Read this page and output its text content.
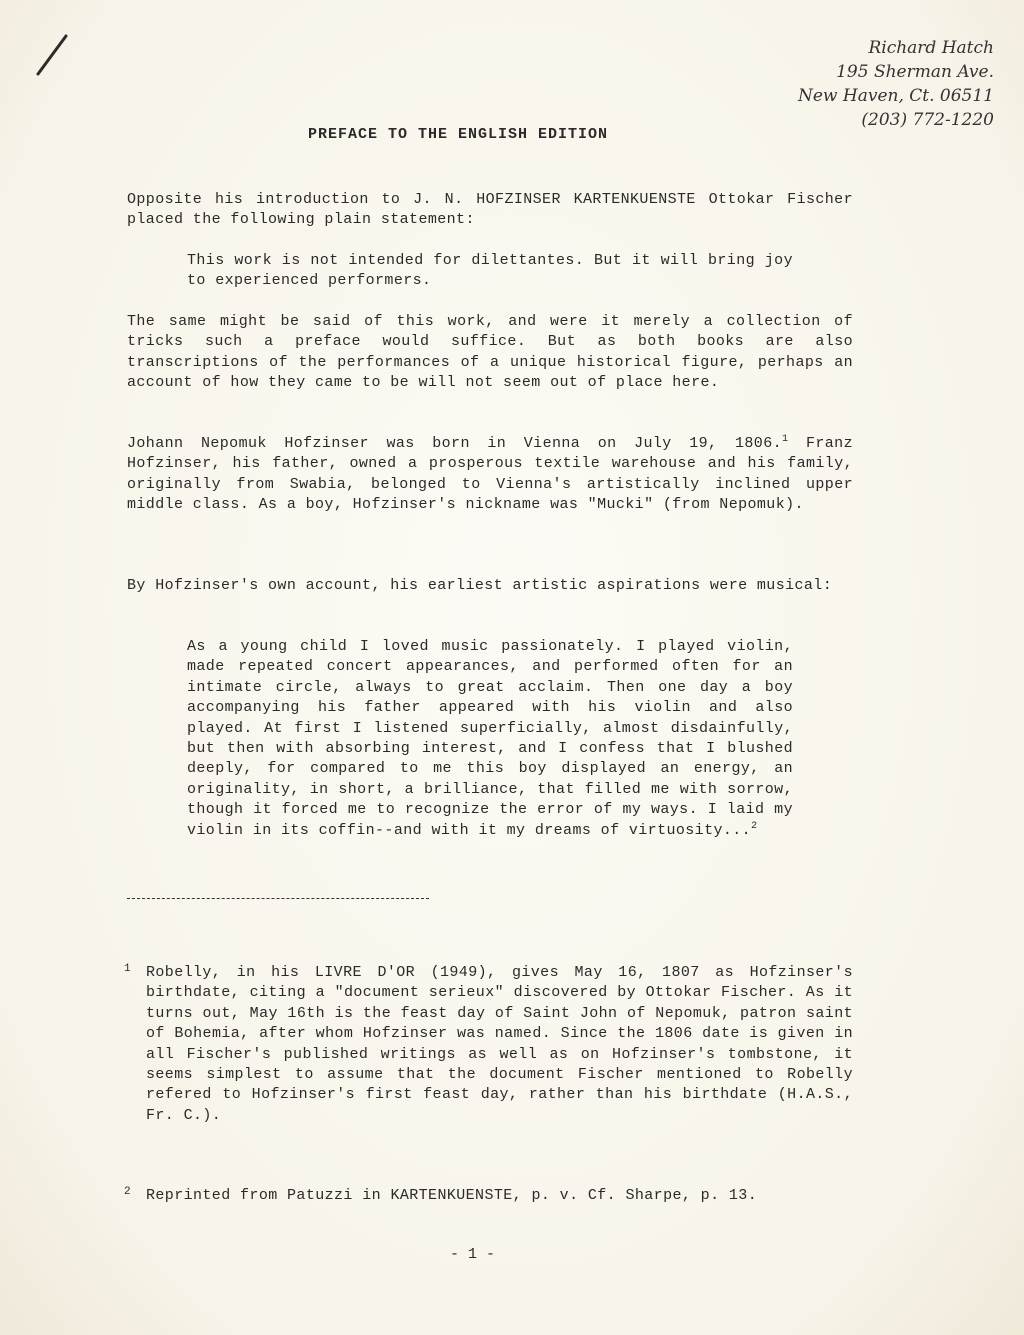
Richard Hatch
195 Sherman Ave.
New Haven, Ct. 06511
(203) 772-1220
PREFACE TO THE ENGLISH EDITION

Opposite his introduction to J. N. HOFZINSER KARTENKUENSTE Ottokar Fischer placed the following plain statement:

This work is not intended for dilettantes. But it will bring joy to experienced performers.

The same might be said of this work, and were it merely a collection of tricks such a preface would suffice. But as both books are also transcriptions of the performances of a unique historical figure, perhaps an account of how they came to be will not seem out of place here.

Johann Nepomuk Hofzinser was born in Vienna on July 19, 1806.$^1$ Franz Hofzinser, his father, owned a prosperous textile warehouse and his family, originally from Swabia, belonged to Vienna's artistically inclined upper middle class. As a boy, Hofzinser's nickname was "Mucki" (from Nepomuk).

By Hofzinser's own account, his earliest artistic aspirations were musical:

As a young child I loved music passionately. I played violin, made repeated concert appearances, and performed often for an intimate circle, always to great acclaim. Then one day a boy accompanying his father appeared with his violin and also played. At first I listened superficially, almost disdainfully, but then with absorbing interest, and I confess that I blushed deeply, for compared to me this boy displayed an energy, an originality, in short, a brilliance, that filled me with sorrow, though it forced me to recognize the error of my ways. I laid my violin in its coffin--and with it my dreams of virtuosity...$^2$

1 Robelly, in his LIVRE D'OR (1949), gives May 16, 1807 as Hofzinser's birthdate, citing a "document serieux" discovered by Ottokar Fischer. As it turns out, May 16th is the feast day of Saint John of Nepomuk, patron saint of Bohemia, after whom Hofzinser was named. Since the 1806 date is given in all Fischer's published writings as well as on Hofzinser's tombstone, it seems simplest to assume that the document Fischer mentioned to Robelly refered to Hofzinser's first feast day, rather than his birthdate (H.A.S., Fr. C.).
2 Reprinted from Patuzzi in KARTENKUENSTE, p. v. Cf. Sharpe, p. 13.
- 1 -
